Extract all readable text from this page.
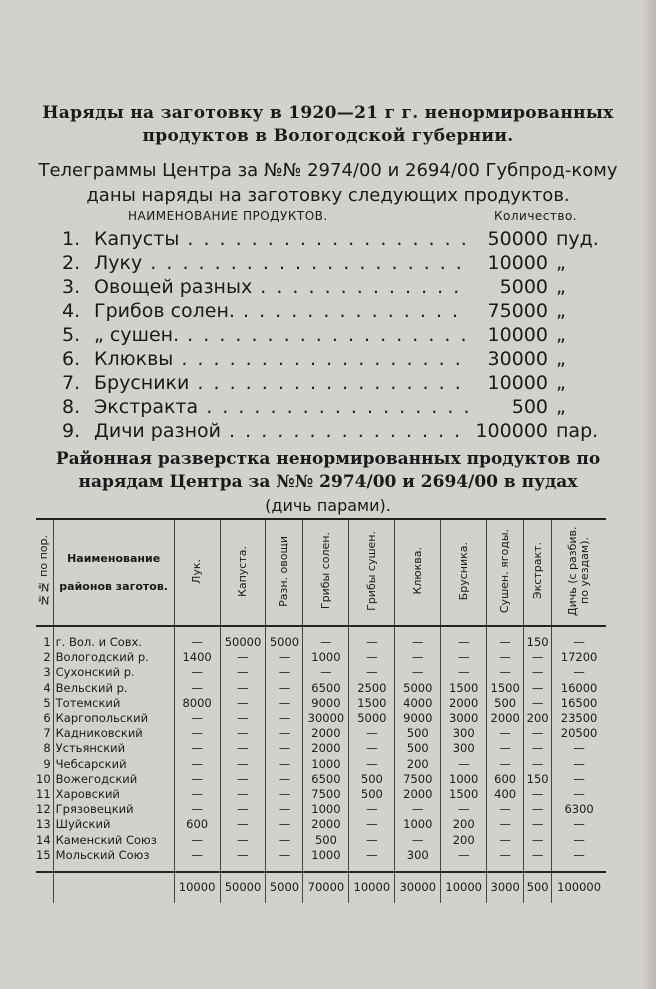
Наряды на заготовку в 1920—21 г г. ненормированных продуктов в Вологодской губернии.
Телеграммы Центра за №№ 2974/00 и 2694/00 Губпрод-кому даны наряды на заготовку следующих продуктов.
НАИМЕНОВАНИЕ ПРОДУКТОВ.	Количество.
1. Капусты . . .	50000 пуд.
2. Луку . . .	10000 „
3. Овощей разных . . .	5000 „
4. Грибов солен. . . .	75000 „
5. „ сушен. . . .	10000 „
6. Клюквы . . .	30000 „
7. Брусники . . .	10000 „
8. Экстракта . . .	500 „
9. Дичи разной . . .	100000 пар.
Районная разверстка ненормированных продуктов по нарядам Центра за №№ 2974/00 и 2694/00 в пудах
(дичь парами).
№№ по пор.	Наименование районов заготов.	Лук.	Капуста.	Разн. овощи	Грибы солен.	Грибы сушен.	Клюква.	Брусника.	Сушен. ягоды.	Экстракт.	Дичь (с разбив. по уездам).

1	г. Вол. и Совх.	—	50000	5000	—	—	—	—	—	150	—
2	Вологодский р.	1400	—	—	1000	—	—	—	—	—	17200
3	Сухонский р.	—	—	—	—	—	—	—	—	—	—
4	Вельский р.	—	—	—	6500	2500	5000	1500	1500	—	16000
5	Тотемский	8000	—	—	9000	1500	4000	2000	500	—	16500
6	Каргопольский	—	—	—	30000	5000	9000	3000	2000	200	23500
7	Кадниковский	—	—	—	2000	—	500	300	—	—	20500
8	Устьянский	—	—	—	2000	—	500	300	—	—	—
9	Чебсарский	—	—	—	1000	—	200	—	—	—	—
10	Вожегодский	—	—	—	6500	500	7500	1000	600	150	—
11	Харовский	—	—	—	7500	500	2000	1500	400	—	—
12	Грязовецкий	—	—	—	1000	—	—	—	—	—	6300
13	Шуйский	600	—	—	2000	—	1000	200	—	—	—
14	Каменский Союз	—	—	—	500	—	—	200	—	—	—
15	Мольский Союз	—	—	—	1000	—	300	—	—	—	—

		10000	50000	5000	70000	10000	30000	10000	3000	500	100000
